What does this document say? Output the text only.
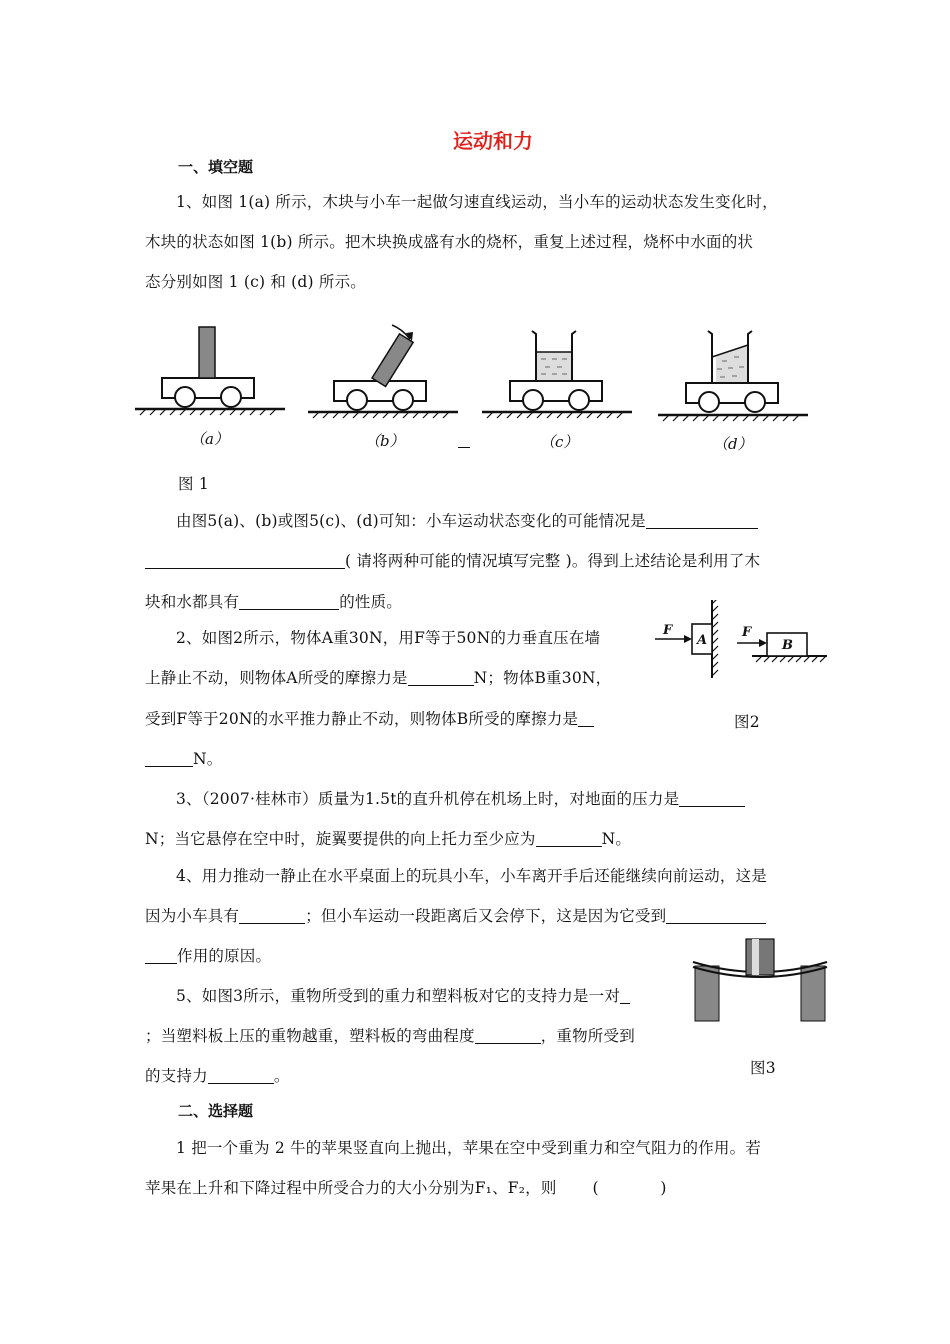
运动和力
一、填空题
1、如图 1(a) 所示，木块与小车一起做匀速直线运动，当小车的运动状态发生变化时，
木块的状态如图 1(b) 所示。把木块换成盛有水的烧杯，重复上述过程，烧杯中水面的状
态分别如图 1 (c) 和 (d) 所示。
（a）	（b）	（c）	（d）
图 1
由图5(a)、(b)或图5(c)、(d)可知：小车运动状态变化的可能情况是
( 请将两种可能的情况填写完整 )。得到上述结论是利用了木
块和水都具有	的性质。
2、如图2所示，物体A重30N，用F等于50N的力垂直压在墙
上静止不动，则物体A所受的摩擦力是	N；物体B重30N，
受到F等于20N的水平推力静止不动，则物体B所受的摩擦力是
N。
F
A
F
B
图2
3、（2007·桂林市）质量为1.5t的直升机停在机场上时，对地面的压力是
N；当它悬停在空中时，旋翼要提供的向上托力至少应为	N。
4、用力推动一静止在水平桌面上的玩具小车，小车离开手后还能继续向前运动，这是
因为小车具有	；但小车运动一段距离后又会停下，这是因为它受到
作用的原因。
5、如图3所示，重物所受到的重力和塑料板对它的支持力是一对
；当塑料板上压的重物越重，塑料板的弯曲程度	，重物所受到
图3
的支持力	。
二、选择题
1 把一个重为 2 牛的苹果竖直向上抛出，苹果在空中受到重力和空气阻力的作用。若
苹果在上升和下降过程中所受合力的大小分别为F₁、F₂，则 (            )
